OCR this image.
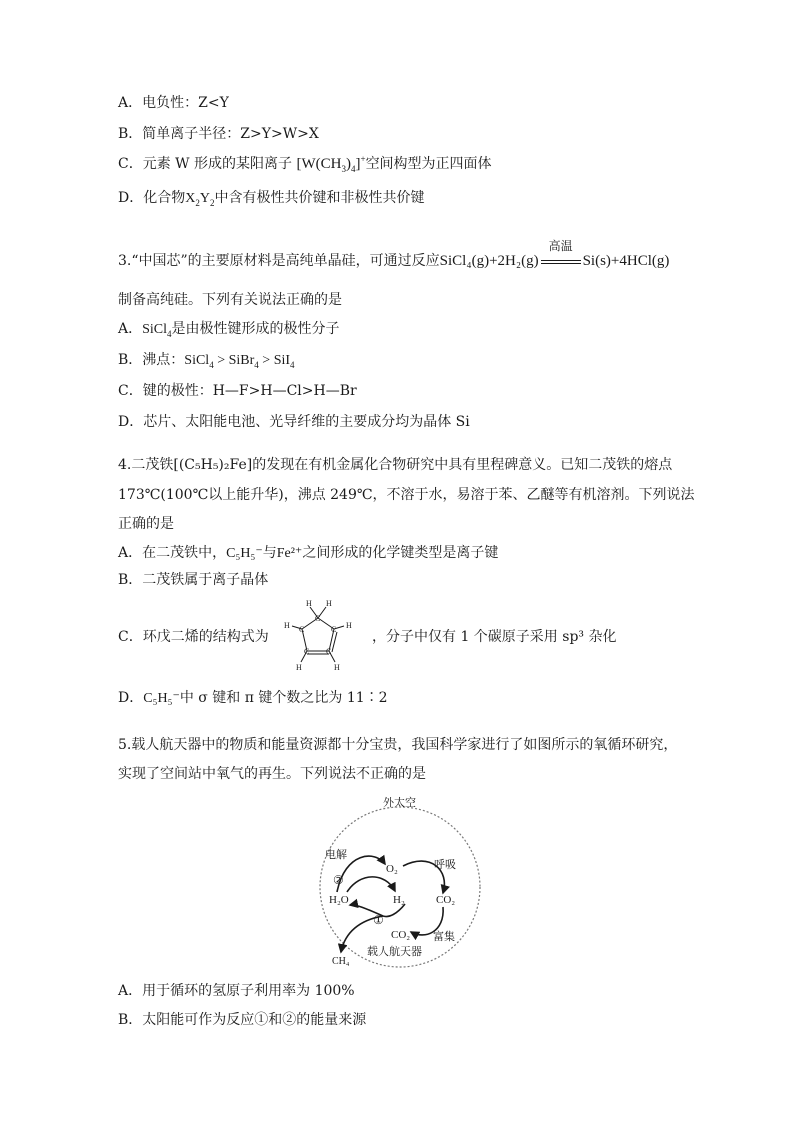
A．电负性：Z<Y
B．简单离子半径：Z>Y>W>X
C．元素 W 形成的某阳离子 $[W(CH_3)_4]^+$空间构型为正四面体
D．化合物$X_2Y_2$中含有极性共价键和非极性共价键
3.“中国芯”的主要原材料是高纯单晶硅，可通过反应SiCl₄(g)+2H₂(g)
高温
Si(s)+4HCl(g)
制备高纯硅。下列有关说法正确的是
A．SiCl$_4$是由极性键形成的极性分子
B．沸点：SiCl$_4$ > SiBr$_4$ > SiI$_4$
C．键的极性：H—F>H—Cl>H—Br
D．芯片、太阳能电池、光导纤维的主要成分均为晶体 Si
4.二茂铁[(C₅H₅)₂Fe]的发现在有机金属化合物研究中具有里程碑意义。已知二茂铁的熔点
173℃(100℃以上能升华)，沸点 249℃，不溶于水，易溶于苯、乙醚等有机溶剂。下列说法
正确的是
A．在二茂铁中，C₅H₅⁻与Fe²⁺之间形成的化学键类型是离子键
B．二茂铁属于离子晶体
C．环戊二烯的结构式为
C
C
C
C
C
H H
H	H
H	H
，分子中仅有 1 个碳原子采用 sp³ 杂化
D．C₅H₅⁻中 σ 键和 π 键个数之比为 11∶2
5.载人航天器中的物质和能量资源都十分宝贵，我国科学家进行了如图所示的氧循环研究，
实现了空间站中氧气的再生。下列说法不正确的是
外太空
电解
呼吸
O₂
H₂O	H₂	CO₂
CO₂
CH₄
富集
载人航天器
②
①
A．用于循环的氢原子利用率为 100%
B．太阳能可作为反应①和②的能量来源
